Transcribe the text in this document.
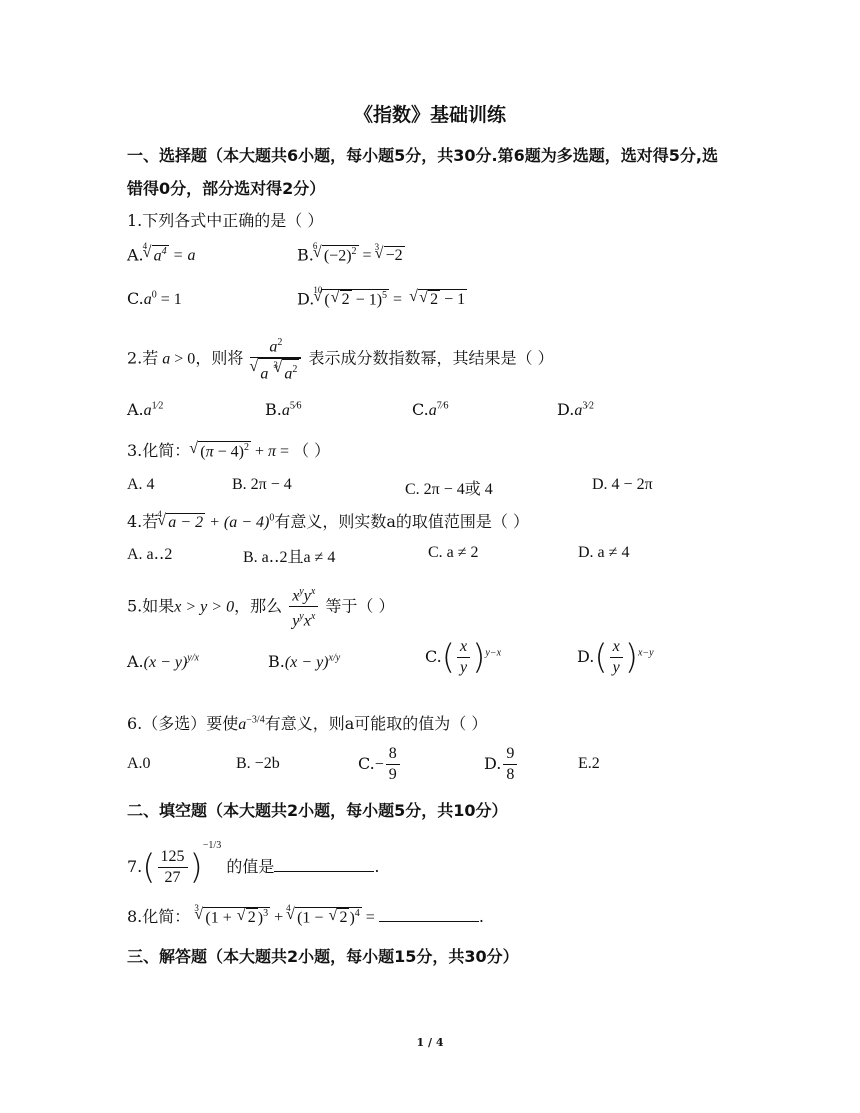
《指数》基础训练
一、选择题（本大题共6小题，每小题5分，共30分.第6题为多选题，选对得5分,选
错得0分，部分选对得2分）
1.下列各式中正确的是（ ）
A. 4
√ $a^4 = a$	B. 6
√ $(-2)^2 = 3$ √ −2
$C.a^0 = 1$	D. 10
√ ( √ 2 − 1)$^5$ = √ √ 2 − 1
2.若 a > 0，则将 $a^2$
√ a
3
√ $a^2$ 表示成分数指数幂，其结果是（ ）
$A.a^{1⁄2}$	$B.a^{5⁄6}$	$C.a^{7⁄6}$	$D.a^{3⁄2}$
3.化简： √ $(\pi - 4)^2 + \pi$ = （ ）
A. 4	B. 2π − 4	C. 2π − 4或 4	D. 4 − 2π
4.若 4 √ $a - 2 + (a - 4)^0$有意义，则实数a的取值范围是（ ）
A. a‥2	B. a‥2且a ≠ 4	C. a ≠ 2	D. a ≠ 4
5.如果x > y > 0，那么 $\frac{x^yy^x}{y^yx^x}$ 等于（ ）
$A.(x - y)^{y/x}$	$B.(x - y)^{x/y}$	$C.( \frac{x}{y} )^{y-x}$	$D.( \frac{x}{y} )^{x-y}$
6.（多选）要使$a^{-3/4}$有意义，则a可能取的值为（ ）
A.0	B. −2b	$C.- \frac{8}{9}$	D. $\frac{9}{8}$	E.2
二、填空题（本大题共2小题，每小题5分，共10分）
$7.( \frac{125}{27} )^{-1/3}$ 的值是	.
8.化简： 3
√ (1 + √ 2 )$^3$ +
4
√ (1 − √ 2 )$^4$ =	.
三、解答题（本大题共2小题，每小题15分，共30分）
1 / 4
